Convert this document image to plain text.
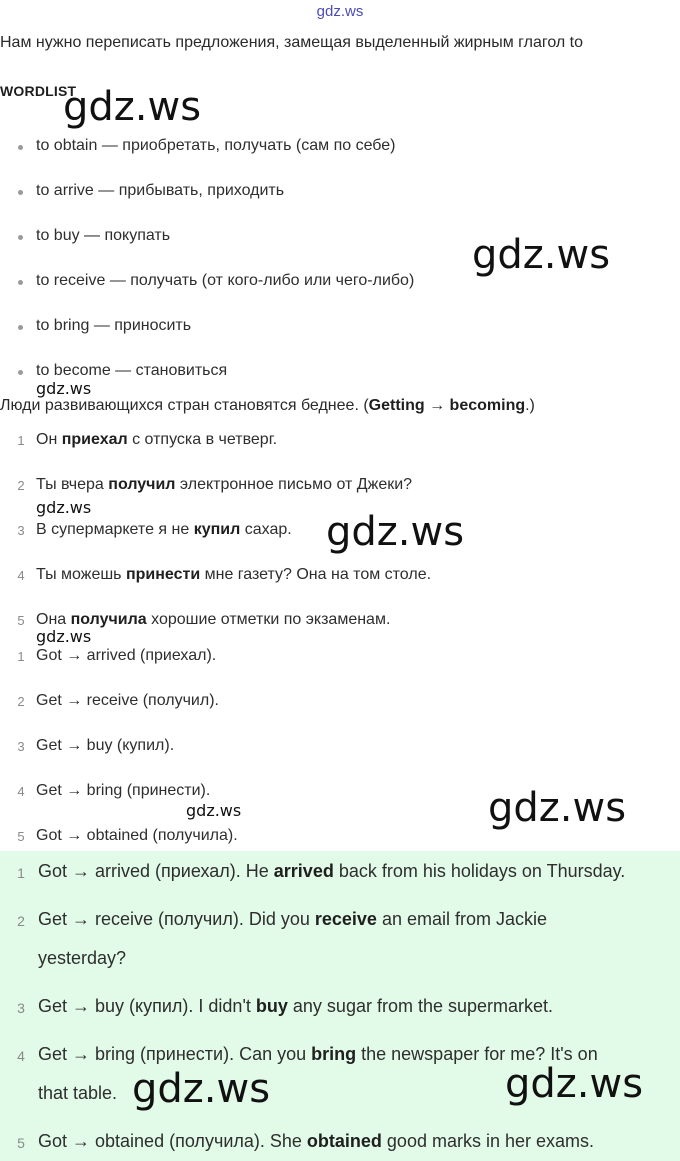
gdz.ws
Нам нужно переписать предложения, замещая выделенный жирным глагол to
WORDLIST
to obtain — приобретать, получать (сам по себе)
to arrive — прибывать, приходить
to buy — покупать
to receive — получать (от кого-либо или чего-либо)
to bring — приносить
to become — становиться
Люди развивающихся стран становятся беднее. (Getting → becoming.)
1 Он приехал с отпуска в четверг.
2 Ты вчера получил электронное письмо от Джеки?
3 В супермаркете я не купил сахар.
4 Ты можешь принести мне газету? Она на том столе.
5 Она получила хорошие отметки по экзаменам.
1 Got → arrived (приехал).
2 Get → receive (получил).
3 Get → buy (купил).
4 Get → bring (принести).
5 Got → obtained (получила).
1 Got → arrived (приехал). He arrived back from his holidays on Thursday.
2 Get → receive (получил). Did you receive an email from Jackie
yesterday?
3 Get → buy (купил). I didn't buy any sugar from the supermarket.
4 Get → bring (принести). Can you bring the newspaper for me? It's on
that table.
5 Got → obtained (получила). She obtained good marks in her exams.
gdz.ws
gdz.ws
gdz.ws
gdz.ws
gdz.ws
gdz.ws
gdz.ws	gdz.ws
gdz.ws	gdz.ws
